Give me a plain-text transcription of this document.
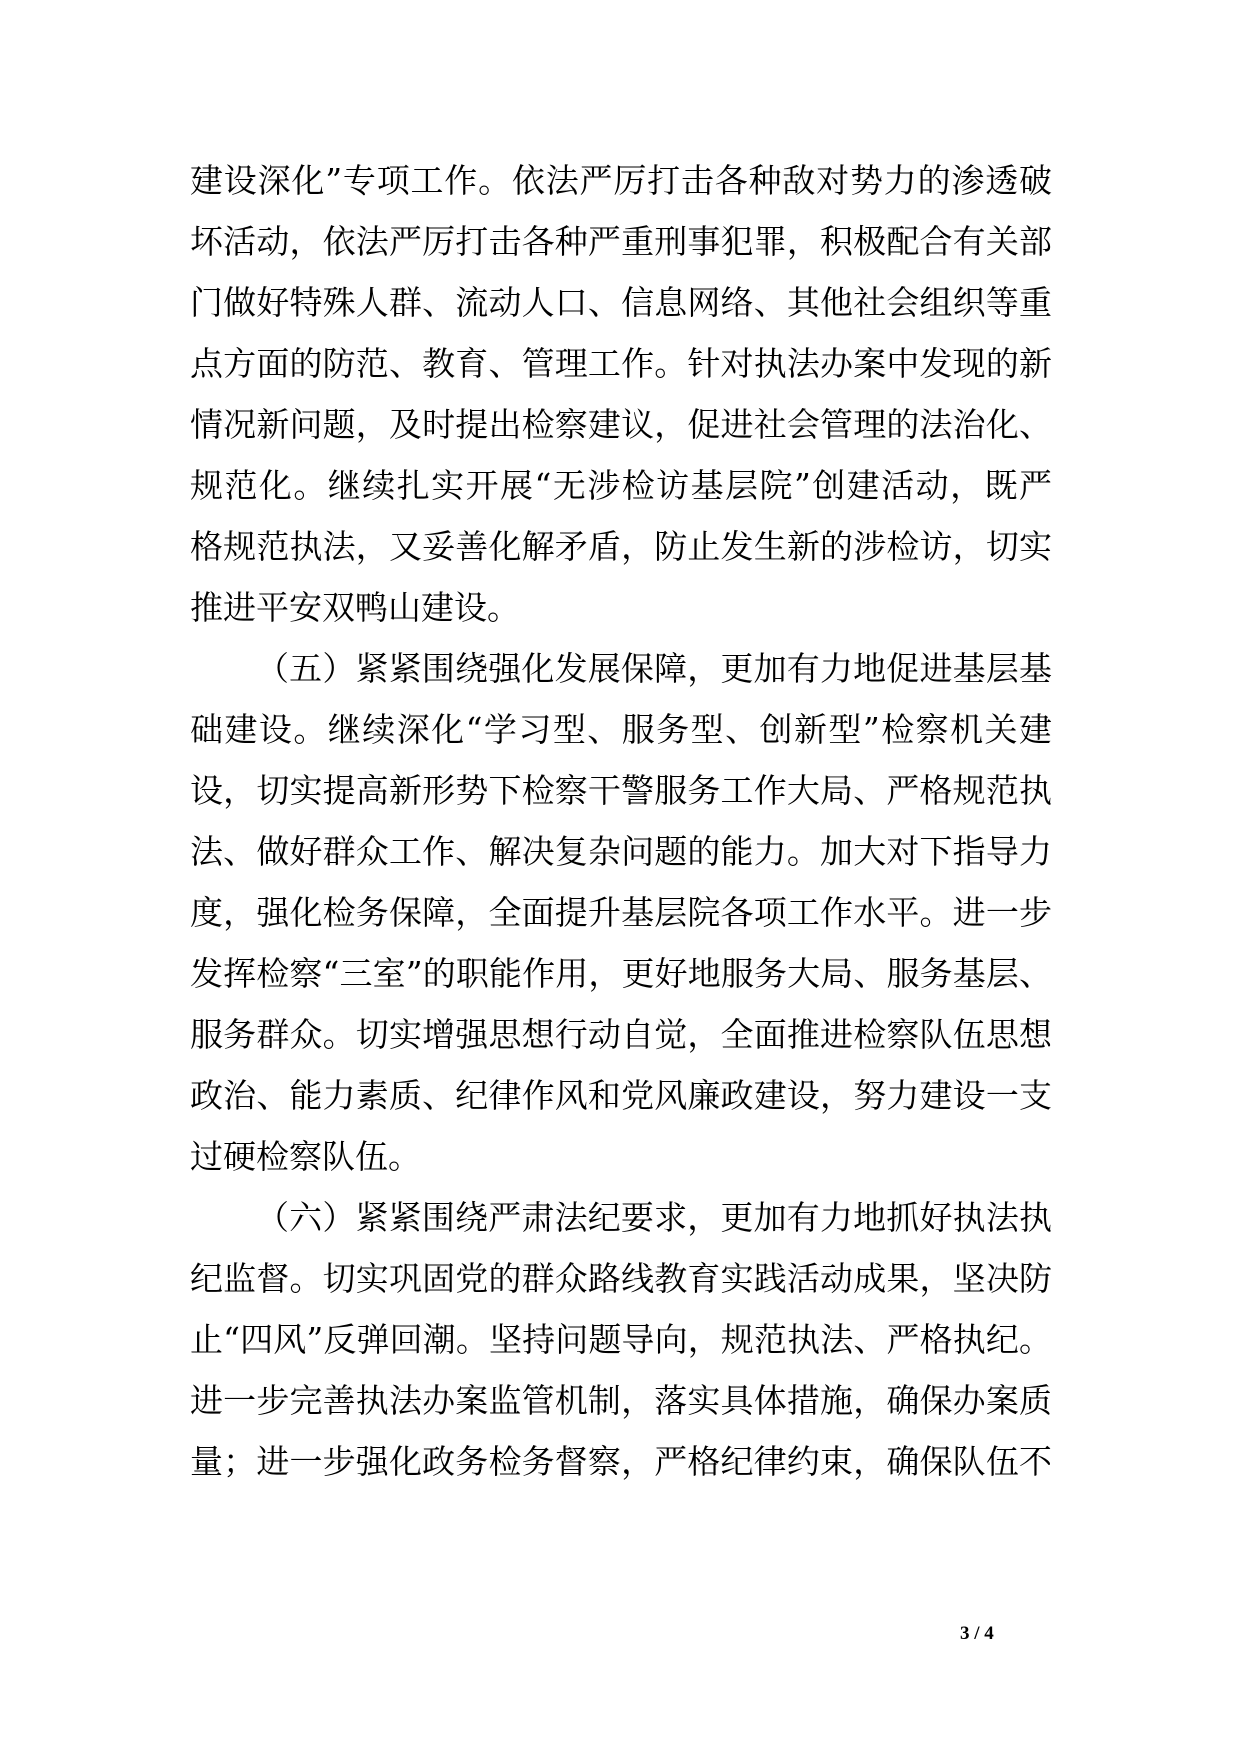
建设深化”专项工作。依法严厉打击各种敌对势力的渗透破
坏活动，依法严厉打击各种严重刑事犯罪，积极配合有关部
门做好特殊人群、流动人口、信息网络、其他社会组织等重
点方面的防范、教育、管理工作。针对执法办案中发现的新
情况新问题，及时提出检察建议，促进社会管理的法治化、
规范化。继续扎实开展“无涉检访基层院”创建活动，既严
格规范执法，又妥善化解矛盾，防止发生新的涉检访，切实
推进平安双鸭山建设。
（五）紧紧围绕强化发展保障，更加有力地促进基层基
础建设。继续深化“学习型、服务型、创新型”检察机关建
设，切实提高新形势下检察干警服务工作大局、严格规范执
法、做好群众工作、解决复杂问题的能力。加大对下指导力
度，强化检务保障，全面提升基层院各项工作水平。进一步
发挥检察“三室”的职能作用，更好地服务大局、服务基层、
服务群众。切实增强思想行动自觉，全面推进检察队伍思想
政治、能力素质、纪律作风和党风廉政建设，努力建设一支
过硬检察队伍。
（六）紧紧围绕严肃法纪要求，更加有力地抓好执法执
纪监督。切实巩固党的群众路线教育实践活动成果，坚决防
止“四风”反弹回潮。坚持问题导向，规范执法、严格执纪。
进一步完善执法办案监管机制，落实具体措施，确保办案质
量；进一步强化政务检务督察，严格纪律约束，确保队伍不
3 / 4
